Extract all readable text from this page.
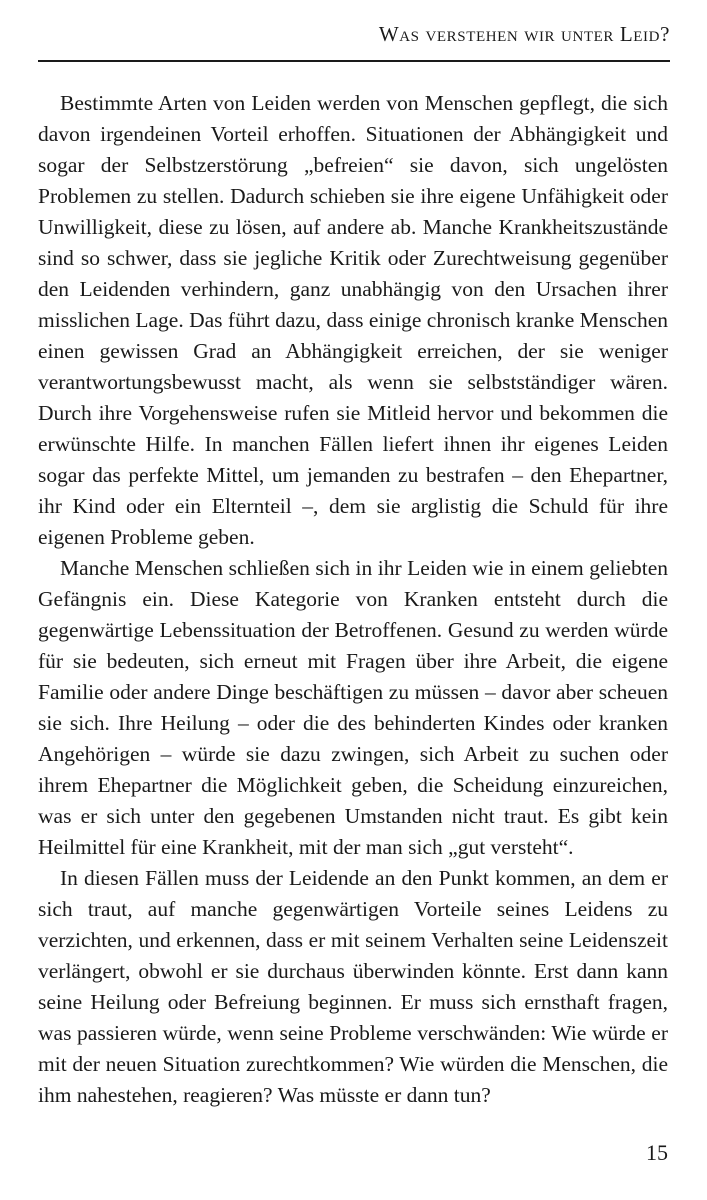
Was verstehen wir unter Leid?

Bestimmte Arten von Leiden werden von Menschen gepflegt, die sich davon irgendeinen Vorteil erhoffen. Situationen der Abhängigkeit und sogar der Selbstzerstörung „befreien“ sie davon, sich ungelösten Problemen zu stellen. Dadurch schieben sie ihre eigene Unfähigkeit oder Unwilligkeit, diese zu lösen, auf andere ab. Manche Krankheitszustände sind so schwer, dass sie jegliche Kritik oder Zurechtweisung gegenüber den Leidenden verhindern, ganz unabhängig von den Ursachen ihrer misslichen Lage. Das führt dazu, dass einige chronisch kranke Menschen einen gewissen Grad an Abhängigkeit erreichen, der sie weniger verantwortungsbewusst macht, als wenn sie selbstständiger wären. Durch ihre Vorgehensweise rufen sie Mitleid hervor und bekommen die erwünschte Hilfe. In manchen Fällen liefert ihnen ihr eigenes Leiden sogar das perfekte Mittel, um jemanden zu bestrafen – den Ehepartner, ihr Kind oder ein Elternteil –, dem sie arglistig die Schuld für ihre eigenen Probleme geben.

Manche Menschen schließen sich in ihr Leiden wie in einem geliebten Gefängnis ein. Diese Kategorie von Kranken entsteht durch die gegenwärtige Lebenssituation der Betroffenen. Gesund zu werden würde für sie bedeuten, sich erneut mit Fragen über ihre Arbeit, die eigene Familie oder andere Dinge beschäftigen zu müssen – davor aber scheuen sie sich. Ihre Heilung – oder die des behinderten Kindes oder kranken Angehörigen – würde sie dazu zwingen, sich Arbeit zu suchen oder ihrem Ehepartner die Möglichkeit geben, die Scheidung einzureichen, was er sich unter den gegebenen Umstanden nicht traut. Es gibt kein Heilmittel für eine Krankheit, mit der man sich „gut versteht“.

In diesen Fällen muss der Leidende an den Punkt kommen, an dem er sich traut, auf manche gegenwärtigen Vorteile seines Leidens zu verzichten, und erkennen, dass er mit seinem Verhalten seine Leidenszeit verlängert, obwohl er sie durchaus überwinden könnte. Erst dann kann seine Heilung oder Befreiung beginnen. Er muss sich ernsthaft fragen, was passieren würde, wenn seine Probleme verschwänden: Wie würde er mit der neuen Situation zurechtkommen? Wie würden die Menschen, die ihm nahestehen, reagieren? Was müsste er dann tun?

15
